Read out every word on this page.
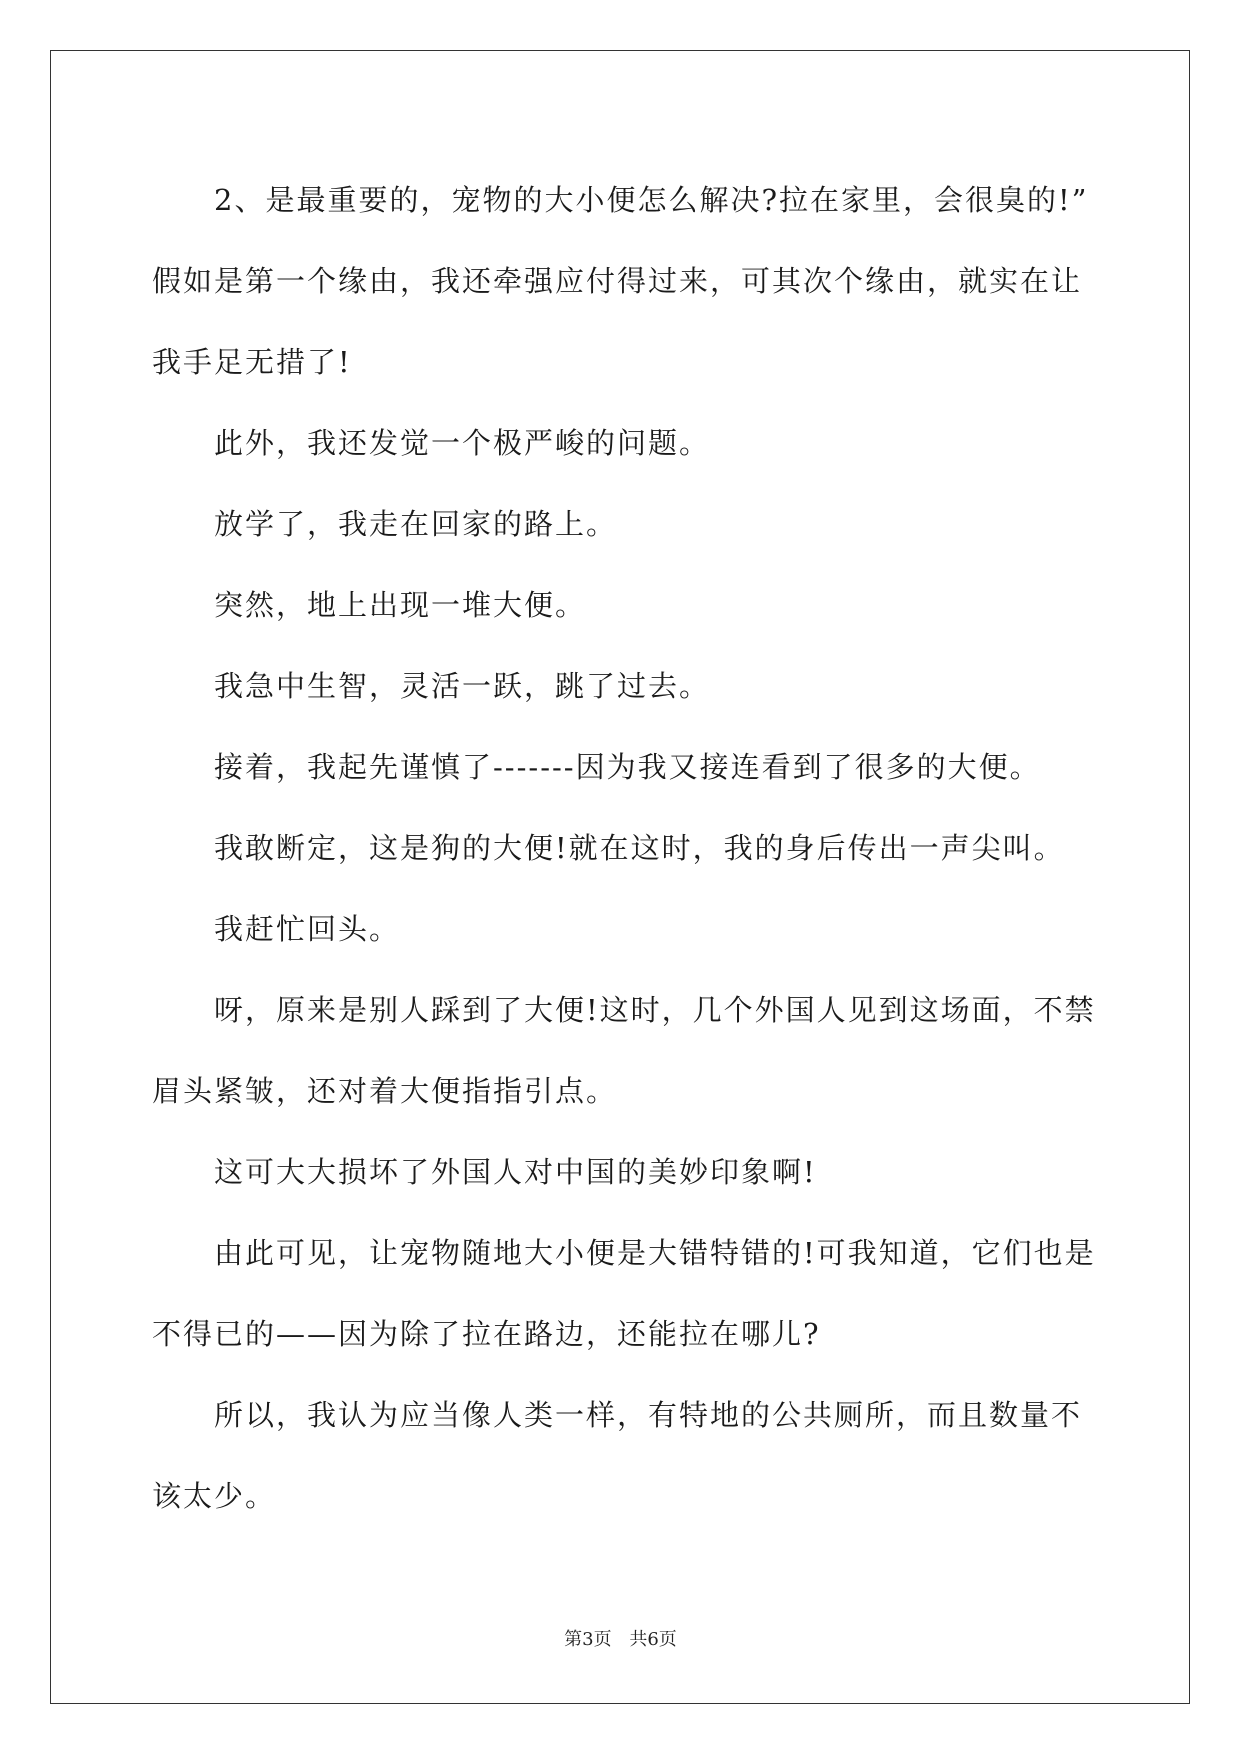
2、是最重要的，宠物的大小便怎么解决?拉在家里，会很臭的!”
假如是第一个缘由，我还牵强应付得过来，可其次个缘由，就实在让
我手足无措了!
此外，我还发觉一个极严峻的问题。
放学了，我走在回家的路上。
突然，地上出现一堆大便。
我急中生智，灵活一跃，跳了过去。
接着，我起先谨慎了-------因为我又接连看到了很多的大便。
我敢断定，这是狗的大便!就在这时，我的身后传出一声尖叫。
我赶忙回头。
呀，原来是别人踩到了大便!这时，几个外国人见到这场面，不禁
眉头紧皱，还对着大便指指引点。
这可大大损坏了外国人对中国的美妙印象啊!
由此可见，让宠物随地大小便是大错特错的!可我知道，它们也是
不得已的——因为除了拉在路边，还能拉在哪儿?
所以，我认为应当像人类一样，有特地的公共厕所，而且数量不
该太少。
第3页 共6页
